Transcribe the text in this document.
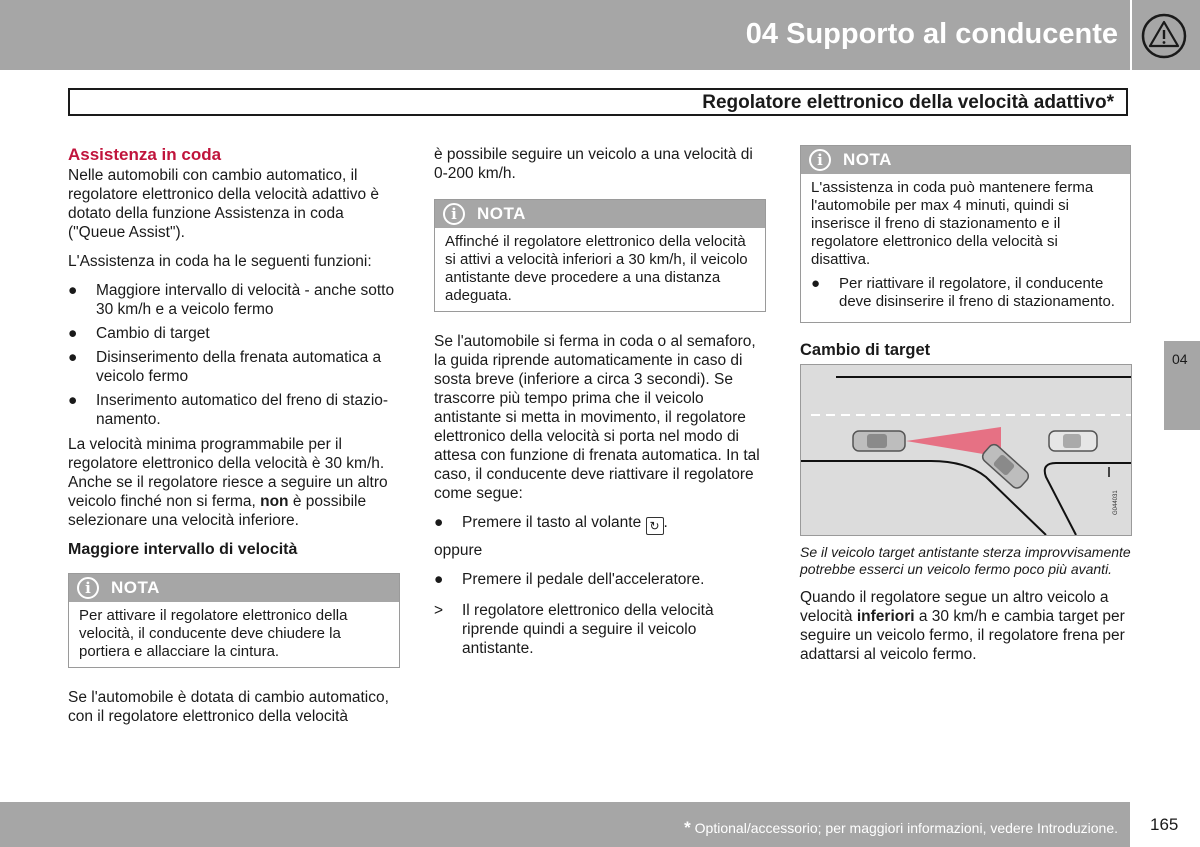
04 Supporto al conducente
Regolatore elettronico della velocità adattivo*
04
Assistenza in coda

Nelle automobili con cambio automatico, il regolatore elettronico della velocità adattivo è dotato della funzione Assistenza in coda ("Queue Assist").

L'Assistenza in coda ha le seguenti funzioni:

● Maggiore intervallo di velocità - anche sotto 30 km/h e a veicolo fermo
● Cambio di target
● Disinserimento della frenata automatica a veicolo fermo
● Inserimento automatico del freno di stazio-namento.

La velocità minima programmabile per il regolatore elettronico della velocità è 30 km/h. Anche se il regolatore riesce a seguire un altro veicolo finché non si ferma, non è possibile selezionare una velocità inferiore.

Maggiore intervallo di velocità
i	NOTA
Per attivare il regolatore elettronico della velocità, il conducente deve chiudere la portiera e allacciare la cintura.

Se l'automobile è dotata di cambio automatico, con il regolatore elettronico della velocità

è possibile seguire un veicolo a una velocità di 0-200 km/h.

i	NOTA
Affinché il regolatore elettronico della velocità si attivi a velocità inferiori a 30 km/h, il veicolo antistante deve procedere a una distanza adeguata.

Se l'automobile si ferma in coda o al semaforo, la guida riprende automaticamente in caso di sosta breve (inferiore a circa 3 secondi). Se trascorre più tempo prima che il veicolo antistante si metta in movimento, il regolatore elettronico della velocità si porta nel modo di attesa con funzione di frenata automatica. In tal caso, il conducente deve riattivare il regolatore come segue:

● Premere il tasto al volante ↻ .

oppure

● Premere il pedale dell'acceleratore.
> Il regolatore elettronico della velocità riprende quindi a seguire il veicolo antistante.
i	NOTA
L'assistenza in coda può mantenere ferma l'automobile per max 4 minuti, quindi si inserisce il freno di stazionamento e il regolatore elettronico della velocità si disattiva.
● Per riattivare il regolatore, il conducente deve disinserire il freno di stazionamento.
Cambio di target
G044031
Se il veicolo target antistante sterza improvvisamente potrebbe esserci un veicolo fermo poco più avanti.

Quando il regolatore segue un altro veicolo a velocità inferiori a 30 km/h e cambia target per seguire un veicolo fermo, il regolatore frena per adattarsi al veicolo fermo.

* Optional/accessorio; per maggiori informazioni, vedere Introduzione. 165
